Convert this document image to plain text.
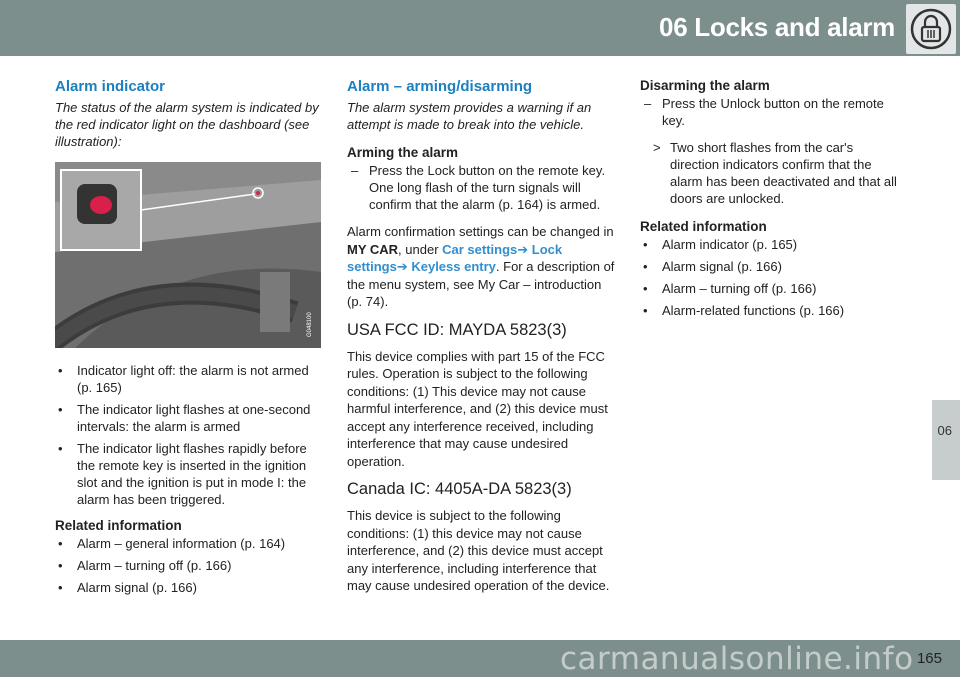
06 Locks and alarm
06
Alarm indicator
The status of the alarm system is indicated by the red indicator light on the dashboard (see illustration):
G048100
• Indicator light off: the alarm is not armed (p. 165)
• The indicator light flashes at one-second intervals: the alarm is armed
• The indicator light flashes rapidly before the remote key is inserted in the ignition slot and the ignition is put in mode I: the alarm has been triggered.
Related information
• Alarm – general information (p. 164)
• Alarm – turning off (p. 166)
• Alarm signal (p. 166)
Alarm – arming/disarming
The alarm system provides a warning if an attempt is made to break into the vehicle.
Arming the alarm
– Press the Lock button on the remote key. One long flash of the turn signals will confirm that the alarm (p. 164) is armed.

Alarm confirmation settings can be changed in MY CAR, under Car settings➔ Lock settings➔ Keyless entry. For a description of the menu system, see My Car – introduction (p. 74).

USA FCC ID: MAYDA 5823(3)

This device complies with part 15 of the FCC rules. Operation is subject to the following conditions: (1) This device may not cause harmful interference, and (2) this device must accept any interference received, including interference that may cause undesired operation.

Canada IC: 4405A-DA 5823(3)

This device is subject to the following conditions: (1) this device may not cause interference, and (2) this device must accept any interference, including interference that may cause undesired operation of the device.

Disarming the alarm
– Press the Unlock button on the remote key.
> Two short flashes from the car's direction indicators confirm that the alarm has been deactivated and that all doors are unlocked.
Related information
• Alarm indicator (p. 165)
• Alarm signal (p. 166)
• Alarm – turning off (p. 166)
• Alarm-related functions (p. 166)
carmanualsonline.info 165
